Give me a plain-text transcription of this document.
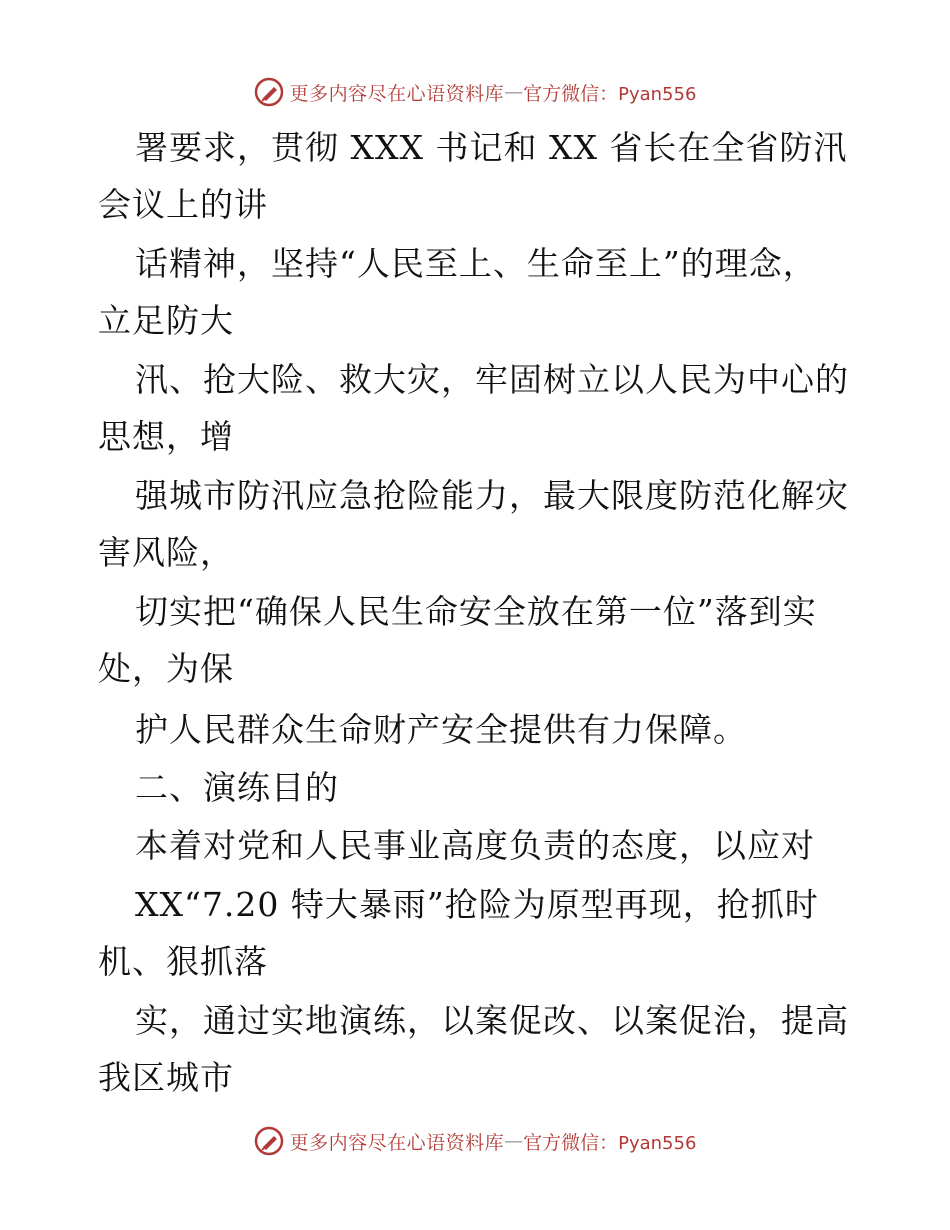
更多内容尽在心语资料库 — 官方微信：Pyan556

署要求，贯彻 XXX 书记和 XX 省长在全省防汛

会议上的讲

话精神，坚持“人民至上、生命至上”的理念，

立足防大

汛、抢大险、救大灾，牢固树立以人民为中心的

思想，增

强城市防汛应急抢险能力，最大限度防范化解灾

害风险，

切实把“确保人民生命安全放在第一位”落到实

处，为保

护人民群众生命财产安全提供有力保障。

二、演练目的

本着对党和人民事业高度负责的态度，以应对

XX“7.20 特大暴雨”抢险为原型再现，抢抓时

机、狠抓落

实，通过实地演练，以案促改、以案促治，提高

我区城市

更多内容尽在心语资料库 — 官方微信：Pyan556
